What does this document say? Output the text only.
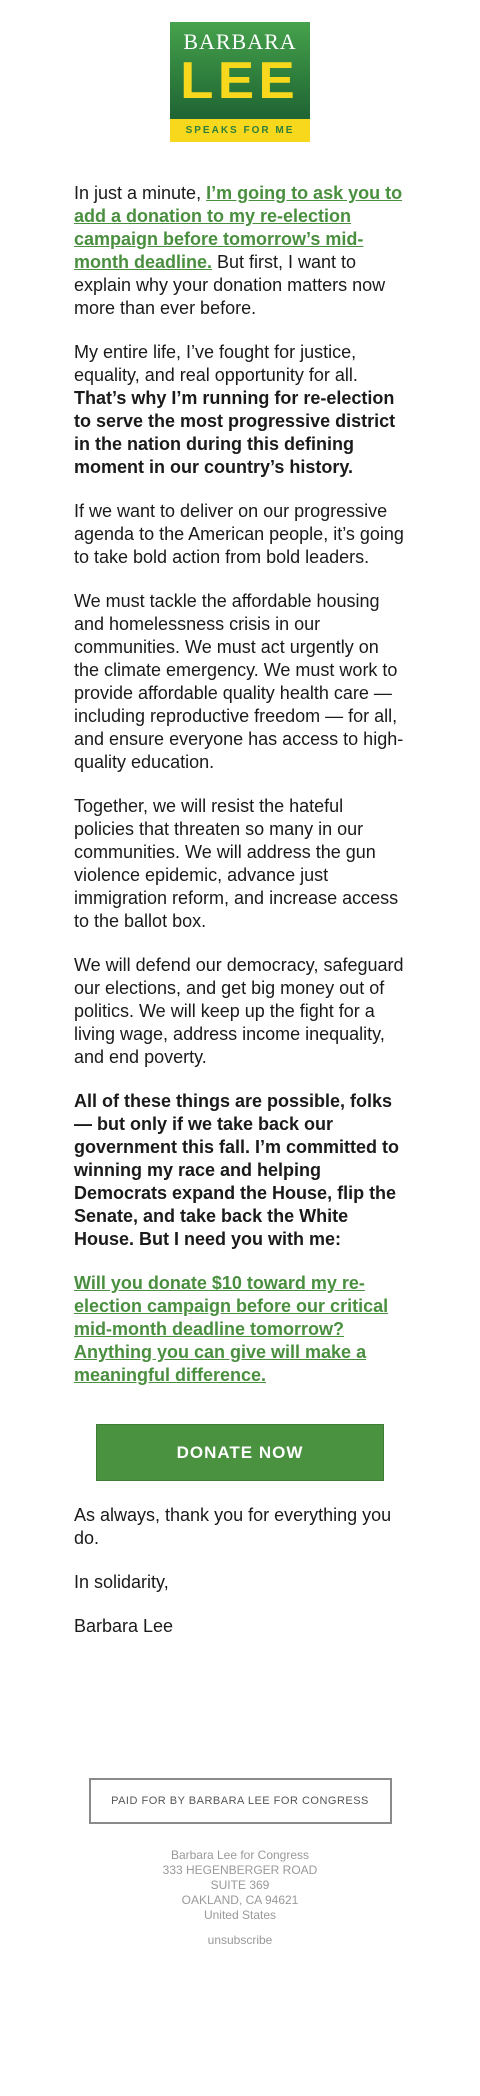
BARBARA
LEE
SPEAKS FOR ME

In just a minute, I’m going to ask you to add a donation to my re-election campaign before tomorrow’s mid-month deadline. But first, I want to explain why your donation matters now more than ever before.

My entire life, I’ve fought for justice, equality, and real opportunity for all. That’s why I’m running for re-election to serve the most progressive district in the nation during this defining moment in our country’s history.

If we want to deliver on our progressive agenda to the American people, it’s going to take bold action from bold leaders.

We must tackle the affordable housing and homelessness crisis in our communities. We must act urgently on the climate emergency. We must work to provide affordable quality health care — including reproductive freedom — for all, and ensure everyone has access to high-quality education.

Together, we will resist the hateful policies that threaten so many in our communities. We will address the gun violence epidemic, advance just immigration reform, and increase access to the ballot box.

We will defend our democracy, safeguard our elections, and get big money out of politics. We will keep up the fight for a living wage, address income inequality, and end poverty.

All of these things are possible, folks — but only if we take back our government this fall. I’m committed to winning my race and helping Democrats expand the House, flip the Senate, and take back the White House. But I need you with me:

Will you donate $10 toward my re-election campaign before our critical mid-month deadline tomorrow? Anything you can give will make a meaningful difference.

DONATE NOW

As always, thank you for everything you do.

In solidarity,

Barbara Lee

PAID FOR BY BARBARA LEE FOR CONGRESS
Barbara Lee for Congress
333 HEGENBERGER ROAD
SUITE 369
OAKLAND, CA 94621
United States
unsubscribe
